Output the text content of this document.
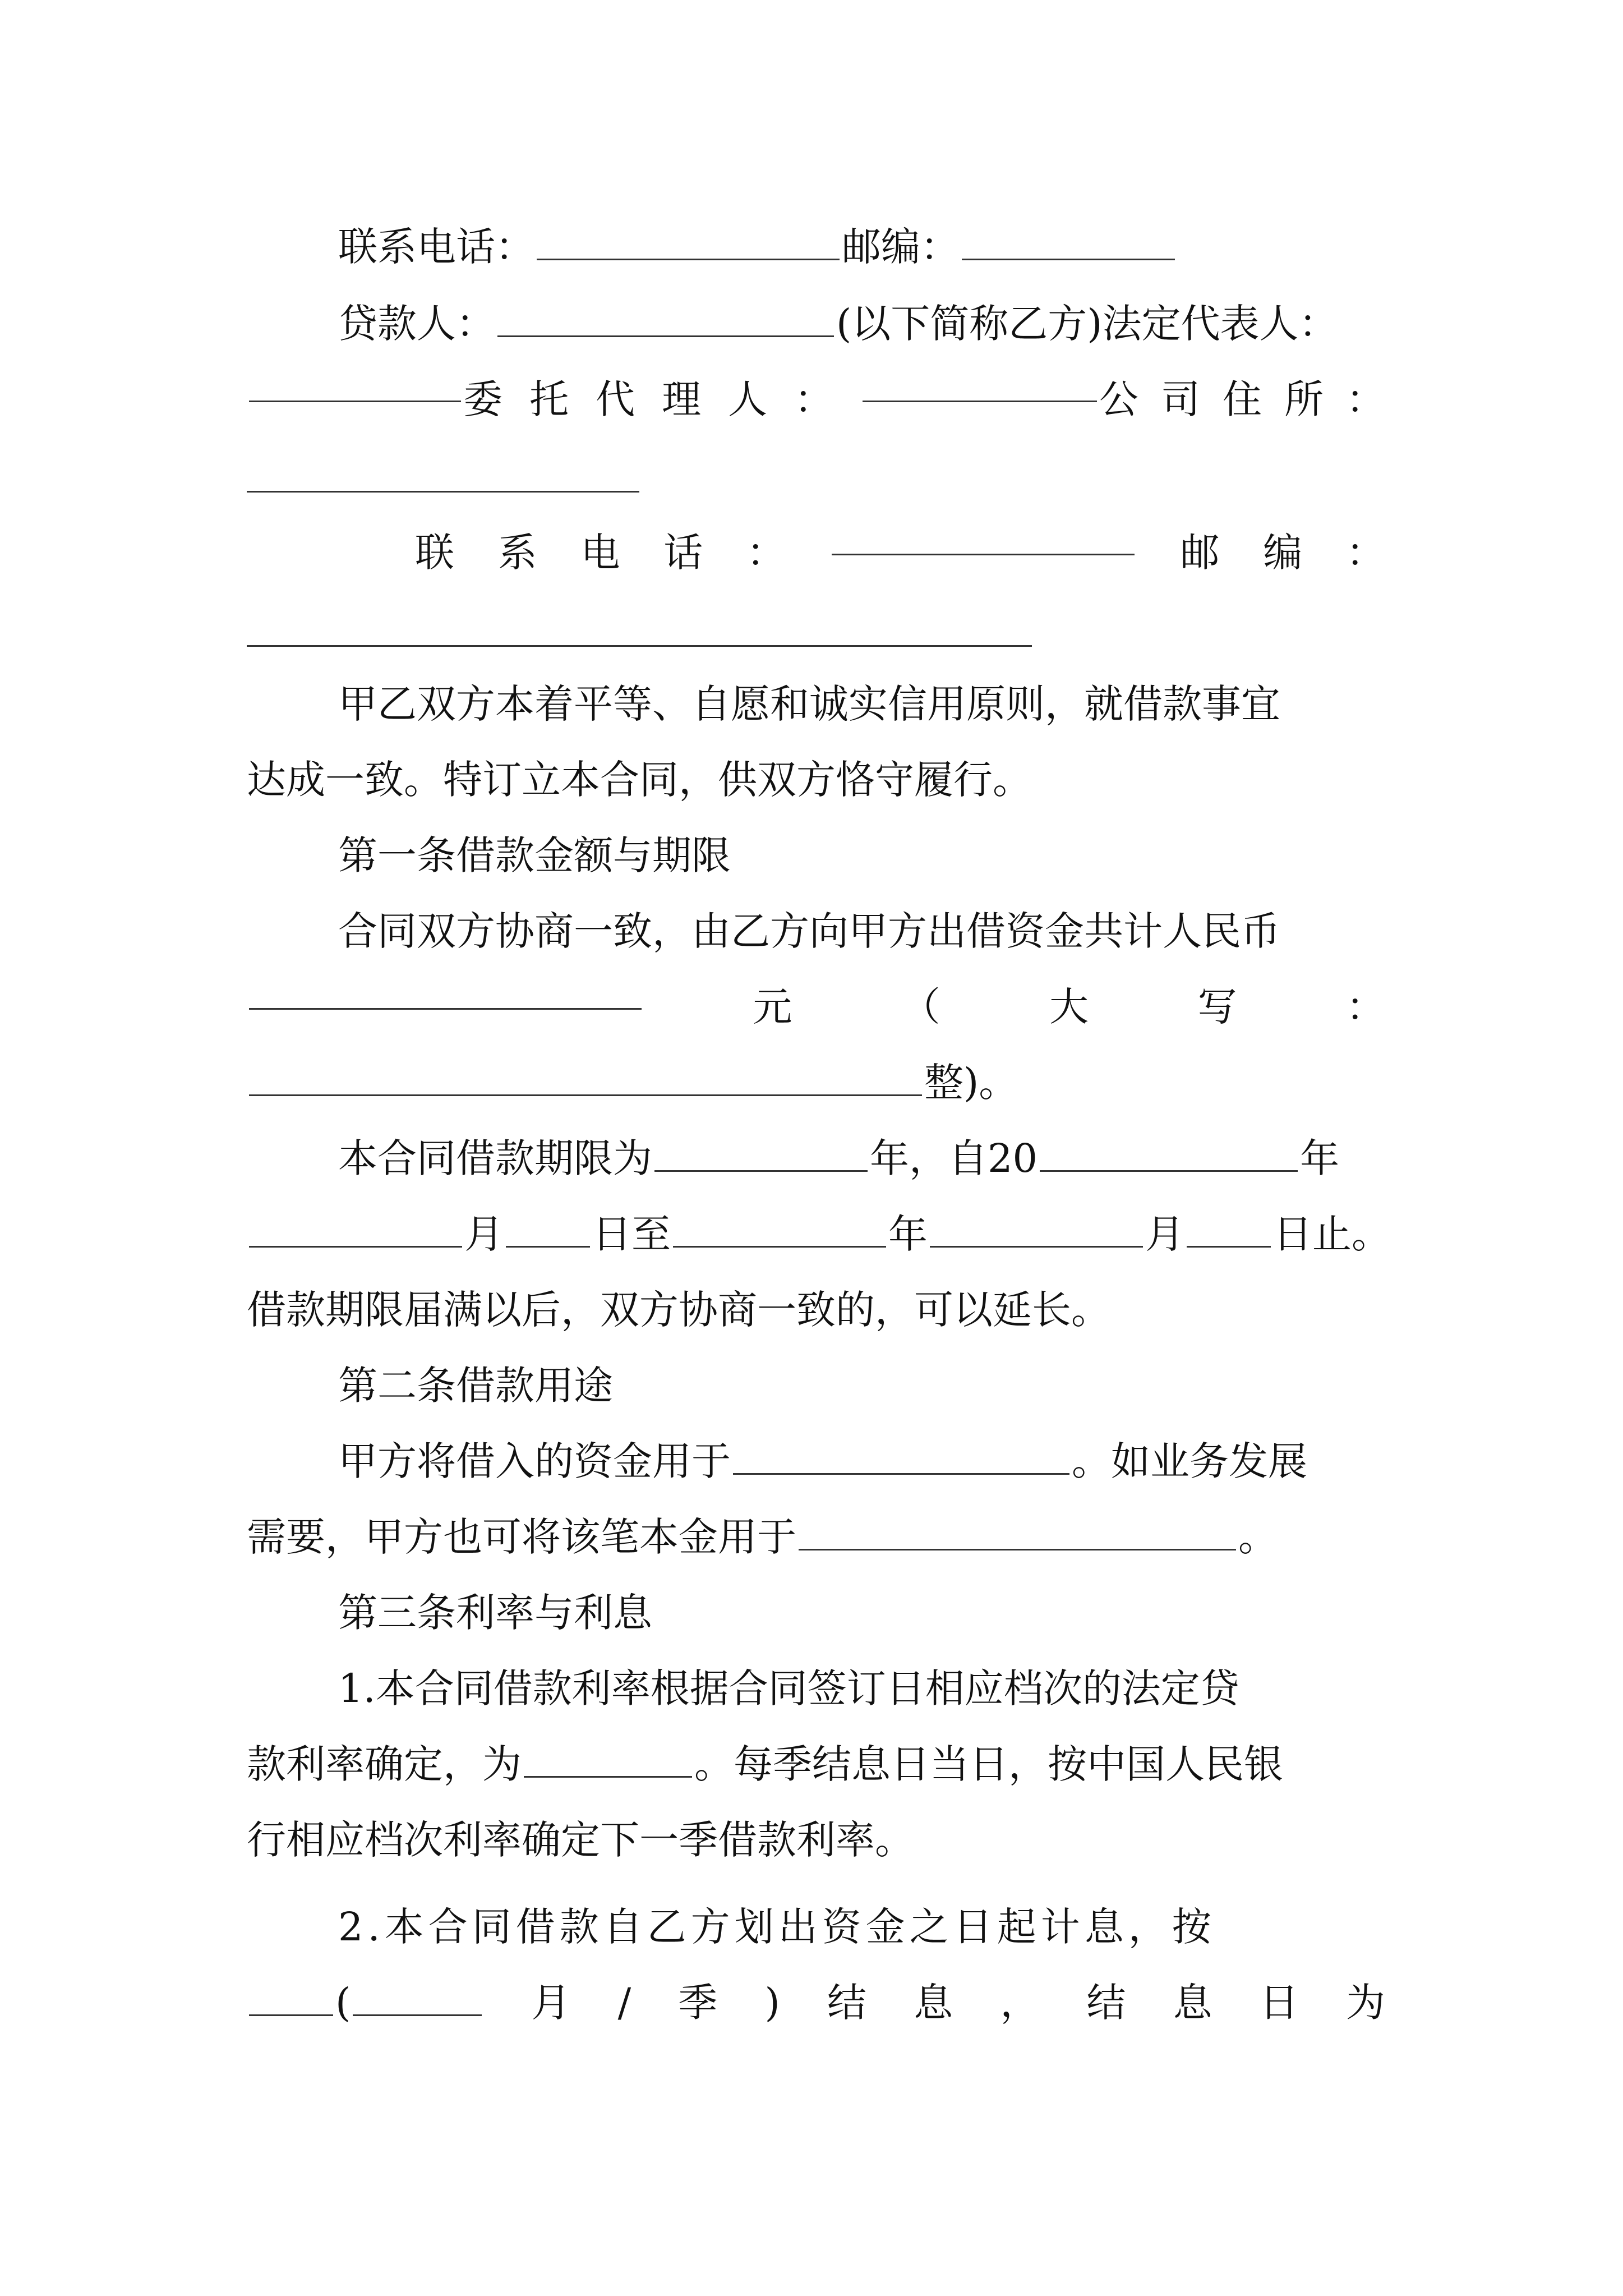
联系电话：	邮编：
贷款人：	(以下简称乙方)法定代表人：
委托代理人：	公司住所：
联 系 电 话 ：	邮 编 ：
甲乙双方本着平等、自愿和诚实信用原则，就借款事宜
达成一致。特订立本合同，供双方恪守履行。
第一条借款金额与期限
合同双方协商一致，由乙方向甲方出借资金共计人民币
元	（	大	写	：
整)。
本合同借款期限为	年，自20	年
月 日至	年	月 日止。
借款期限届满以后，双方协商一致的，可以延长。
第二条借款用途
甲方将借入的资金用于	。如业务发展
需要，甲方也可将该笔本金用于	。
第三条利率与利息
1.本合同借款利率根据合同签订日相应档次的法定贷
款利率确定，为	。每季结息日当日，按中国人民银
行相应档次利率确定下一季借款利率。
2.本合同借款自乙方划出资金之日起计息，按
(	月 / 季 ) 结 息 ， 结 息 日 为
